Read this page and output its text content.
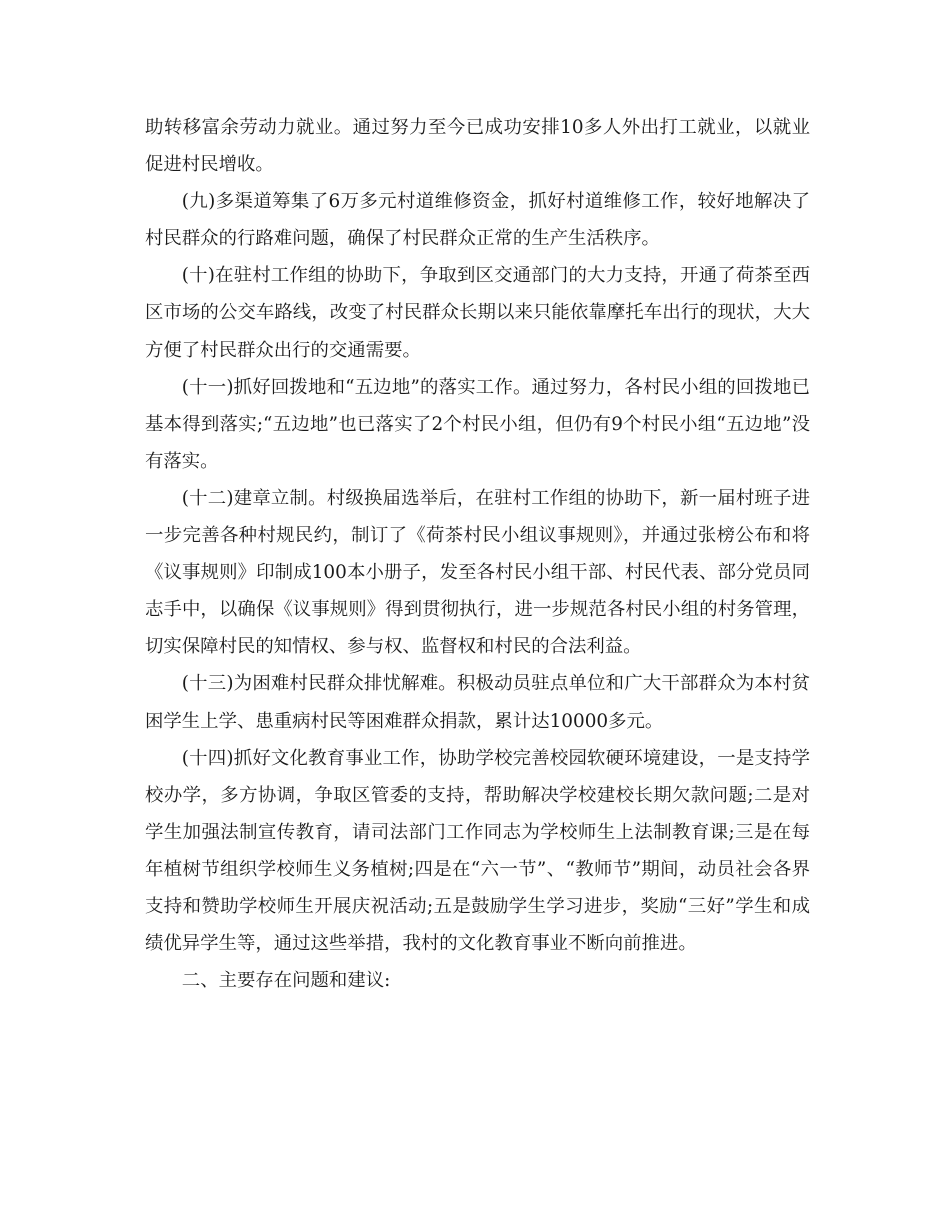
助转移富余劳动力就业。通过努力至今已成功安排10多人外出打工就业，以就业促进村民增收。

(九)多渠道筹集了6万多元村道维修资金，抓好村道维修工作，较好地解决了村民群众的行路难问题，确保了村民群众正常的生产生活秩序。

(十)在驻村工作组的协助下，争取到区交通部门的大力支持，开通了荷茶至西区市场的公交车路线，改变了村民群众长期以来只能依靠摩托车出行的现状，大大方便了村民群众出行的交通需要。

(十一)抓好回拨地和“五边地”的落实工作。通过努力，各村民小组的回拨地已基本得到落实;“五边地”也已落实了2个村民小组，但仍有9个村民小组“五边地”没有落实。

(十二)建章立制。村级换届选举后，在驻村工作组的协助下，新一届村班子进一步完善各种村规民约，制订了《荷茶村民小组议事规则》，并通过张榜公布和将《议事规则》印制成100本小册子，发至各村民小组干部、村民代表、部分党员同志手中，以确保《议事规则》得到贯彻执行，进一步规范各村民小组的村务管理，切实保障村民的知情权、参与权、监督权和村民的合法利益。

(十三)为困难村民群众排忧解难。积极动员驻点单位和广大干部群众为本村贫困学生上学、患重病村民等困难群众捐款，累计达10000多元。

(十四)抓好文化教育事业工作，协助学校完善校园软硬环境建设，一是支持学校办学，多方协调，争取区管委的支持，帮助解决学校建校长期欠款问题;二是对学生加强法制宣传教育，请司法部门工作同志为学校师生上法制教育课;三是在每年植树节组织学校师生义务植树;四是在“六一节”、“教师节”期间，动员社会各界支持和赞助学校师生开展庆祝活动;五是鼓励学生学习进步，奖励“三好”学生和成绩优异学生等，通过这些举措，我村的文化教育事业不断向前推进。

二、主要存在问题和建议:
